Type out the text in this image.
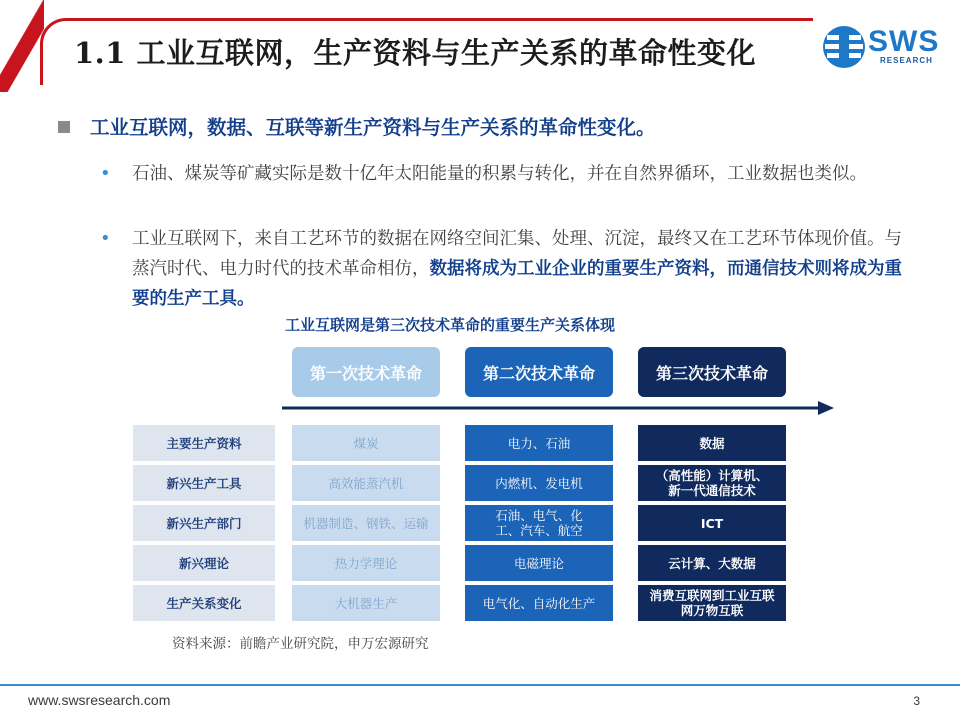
1.1 工业互联网，生产资料与生产关系的革命性变化	SWS
RESEARCH
工业互联网，数据、互联等新生产资料与生产关系的革命性变化。
• 石油、煤炭等矿藏实际是数十亿年太阳能量的积累与转化，并在自然界循环，工业数据也类似。
• 工业互联网下，来自工艺环节的数据在网络空间汇集、处理、沉淀，最终又在工艺环节体现价值。与蒸汽时代、电力时代的技术革命相仿，数据将成为工业企业的重要生产资料，而通信技术则将成为重要的生产工具。
工业互联网是第三次技术革命的重要生产关系体现
第一次技术革命	第二次技术革命	第三次技术革命
主要生产资料	煤炭	电力、石油	数据
新兴生产工具	高效能蒸汽机	内燃机、发电机	（高性能）计算机、新一代通信技术
新兴生产部门	机器制造、钢铁、运输	石油、电气、化工、汽车、航空	ICT
新兴理论	热力学理论	电磁理论	云计算、大数据
生产关系变化	大机器生产	电气化、自动化生产	消费互联网到工业互联网万物互联
资料来源：前瞻产业研究院，申万宏源研究
www.swsresearch.com	3
